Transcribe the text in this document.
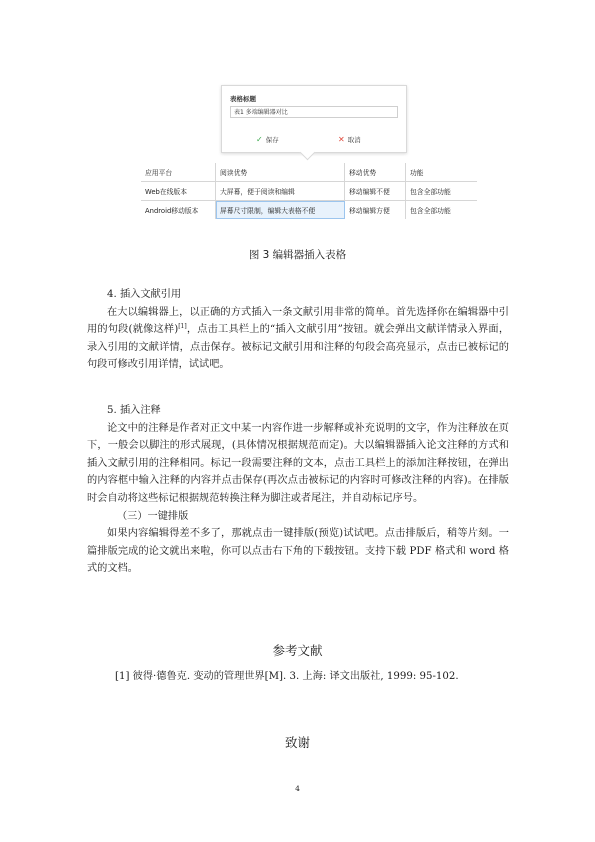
表格标题
表1 多端编辑器对比
✓ 保存	✕ 取消
应用平台	阅读优势	移动优势	功能
Web在线版本	大屏幕，便于阅读和编辑	移动编辑不便	包含全部功能
Android移动版本	屏幕尺寸限制，编辑大表格不便	移动编辑方便	包含全部功能
图 3 编辑器插入表格

4. 插入文献引用

在大以编辑器上，以正确的方式插入一条文献引用非常的简单。首先选择你在编辑器中引用的句段(就像这样)[1]，点击工具栏上的“插入文献引用”按钮。就会弹出文献详情录入界面，录入引用的文献详情，点击保存。被标记文献引用和注释的句段会高亮显示，点击已被标记的句段可修改引用详情，试试吧。

5. 插入注释

论文中的注释是作者对正文中某一内容作进一步解释或补充说明的文字，作为注释放在页下，一般会以脚注的形式展现，(具体情况根据规范而定)。大以编辑器插入论文注释的方式和插入文献引用的注释相同。标记一段需要注释的文本，点击工具栏上的添加注释按钮，在弹出的内容框中输入注释的内容并点击保存(再次点击被标记的内容时可修改注释的内容)。在排版时会自动将这些标记根据规范转换注释为脚注或者尾注，并自动标记序号。

（三）一键排版

如果内容编辑得差不多了，那就点击一键排版(预览)试试吧。点击排版后，稍等片刻。一篇排版完成的论文就出来啦，你可以点击右下角的下载按钮。支持下载 PDF 格式和 word 格式的文档。

参考文献
[1] 彼得·德鲁克. 变动的管理世界[M]. 3. 上海: 译文出版社, 1999: 95-102.
致谢
4
